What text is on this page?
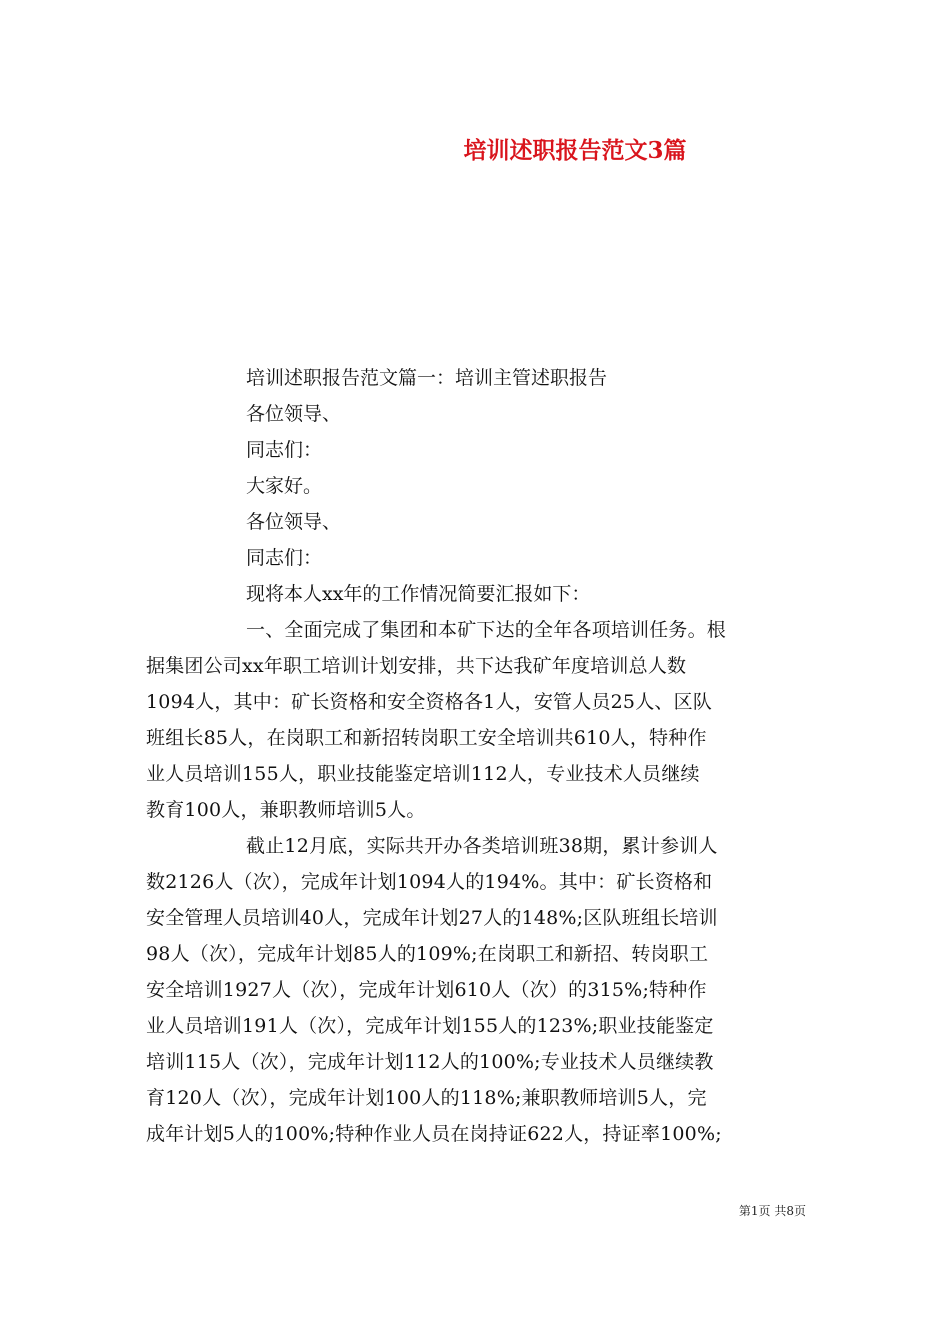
培训述职报告范文3篇

培训述职报告范文篇一：培训主管述职报告

各位领导、

同志们：

大家好。

各位领导、

同志们：

现将本人xx年的工作情况简要汇报如下：

一、全面完成了集团和本矿下达的全年各项培训任务。根
据集团公司xx年职工培训计划安排，共下达我矿年度培训总人数
1094人，其中：矿长资格和安全资格各1人，安管人员25人、区队
班组长85人，在岗职工和新招转岗职工安全培训共610人，特种作
业人员培训155人，职业技能鉴定培训112人，专业技术人员继续
教育100人，兼职教师培训5人。
截止12月底，实际共开办各类培训班38期，累计参训人
数2126人（次），完成年计划1094人的194%。其中：矿长资格和
安全管理人员培训40人，完成年计划27人的148%;区队班组长培训
98人（次），完成年计划85人的109%;在岗职工和新招、转岗职工
安全培训1927人（次），完成年计划610人（次）的315%;特种作
业人员培训191人（次），完成年计划155人的123%;职业技能鉴定
培训115人（次），完成年计划112人的100%;专业技术人员继续教
育120人（次），完成年计划100人的118%;兼职教师培训5人，完
成年计划5人的100%;特种作业人员在岗持证622人，持证率100%;
第1页 共8页
